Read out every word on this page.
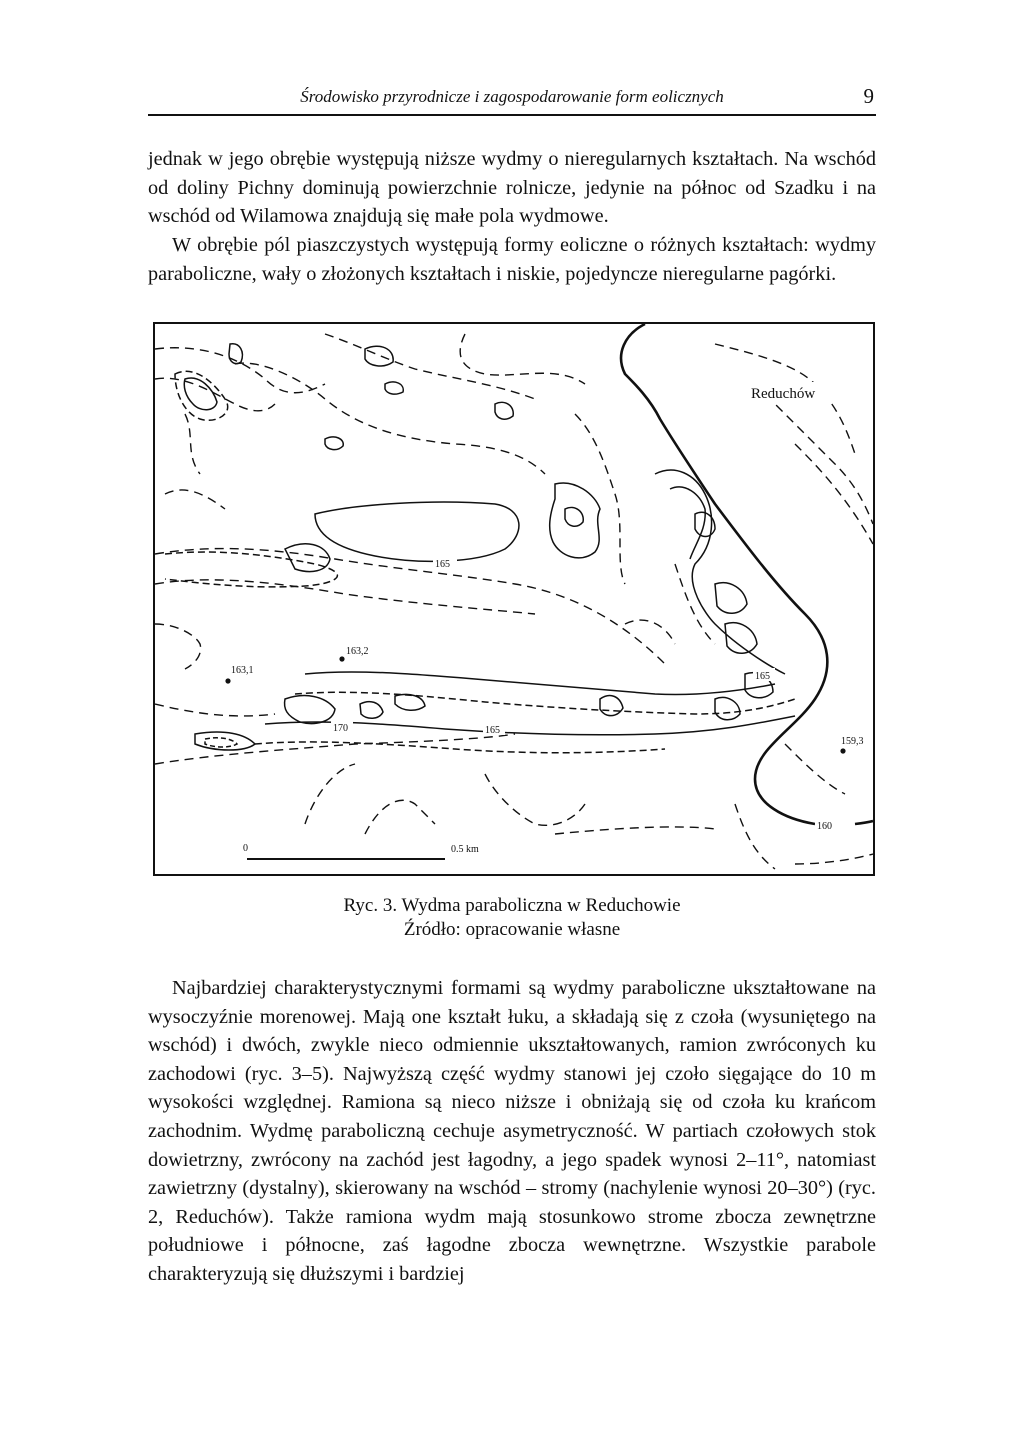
Środowisko przyrodnicze i zagospodarowanie form eolicznych	9

jednak w jego obrębie występują niższe wydmy o nieregularnych kształtach. Na wschód od doliny Pichny dominują powierzchnie rolnicze, jedynie na północ od Szadku i na wschód od Wilamowa znajdują się małe pola wydmowe.

W obrębie pól piaszczystych występują formy eoliczne o różnych kształtach: wydmy paraboliczne, wały o złożonych kształtach i niskie, pojedyncze nieregularne pagórki.

Reduchów
165
165
165
170
160
163,2
163,1
159,3
0	0.5 km
Ryc. 3. Wydma paraboliczna w Reduchowie
Źródło: opracowanie własne

Najbardziej charakterystycznymi formami są wydmy paraboliczne ukształtowane na wysoczyźnie morenowej. Mają one kształt łuku, a składają się z czoła (wysuniętego na wschód) i dwóch, zwykle nieco odmiennie ukształtowanych, ramion zwróconych ku zachodowi (ryc. 3–5). Najwyższą część wydmy stanowi jej czoło sięgające do 10 m wysokości względnej. Ramiona są nieco niższe i obniżają się od czoła ku krańcom zachodnim. Wydmę paraboliczną cechuje asymetryczność. W partiach czołowych stok dowietrzny, zwrócony na zachód jest łagodny, a jego spadek wynosi 2–11°, natomiast zawietrzny (dystalny), skierowany na wschód – stromy (nachylenie wynosi 20–30°) (ryc. 2, Reduchów). Także ramiona wydm mają stosunkowo strome zbocza zewnętrzne południowe i północne, zaś łagodne zbocza wewnętrzne. Wszystkie parabole charakteryzują się dłuższymi i bardziej
